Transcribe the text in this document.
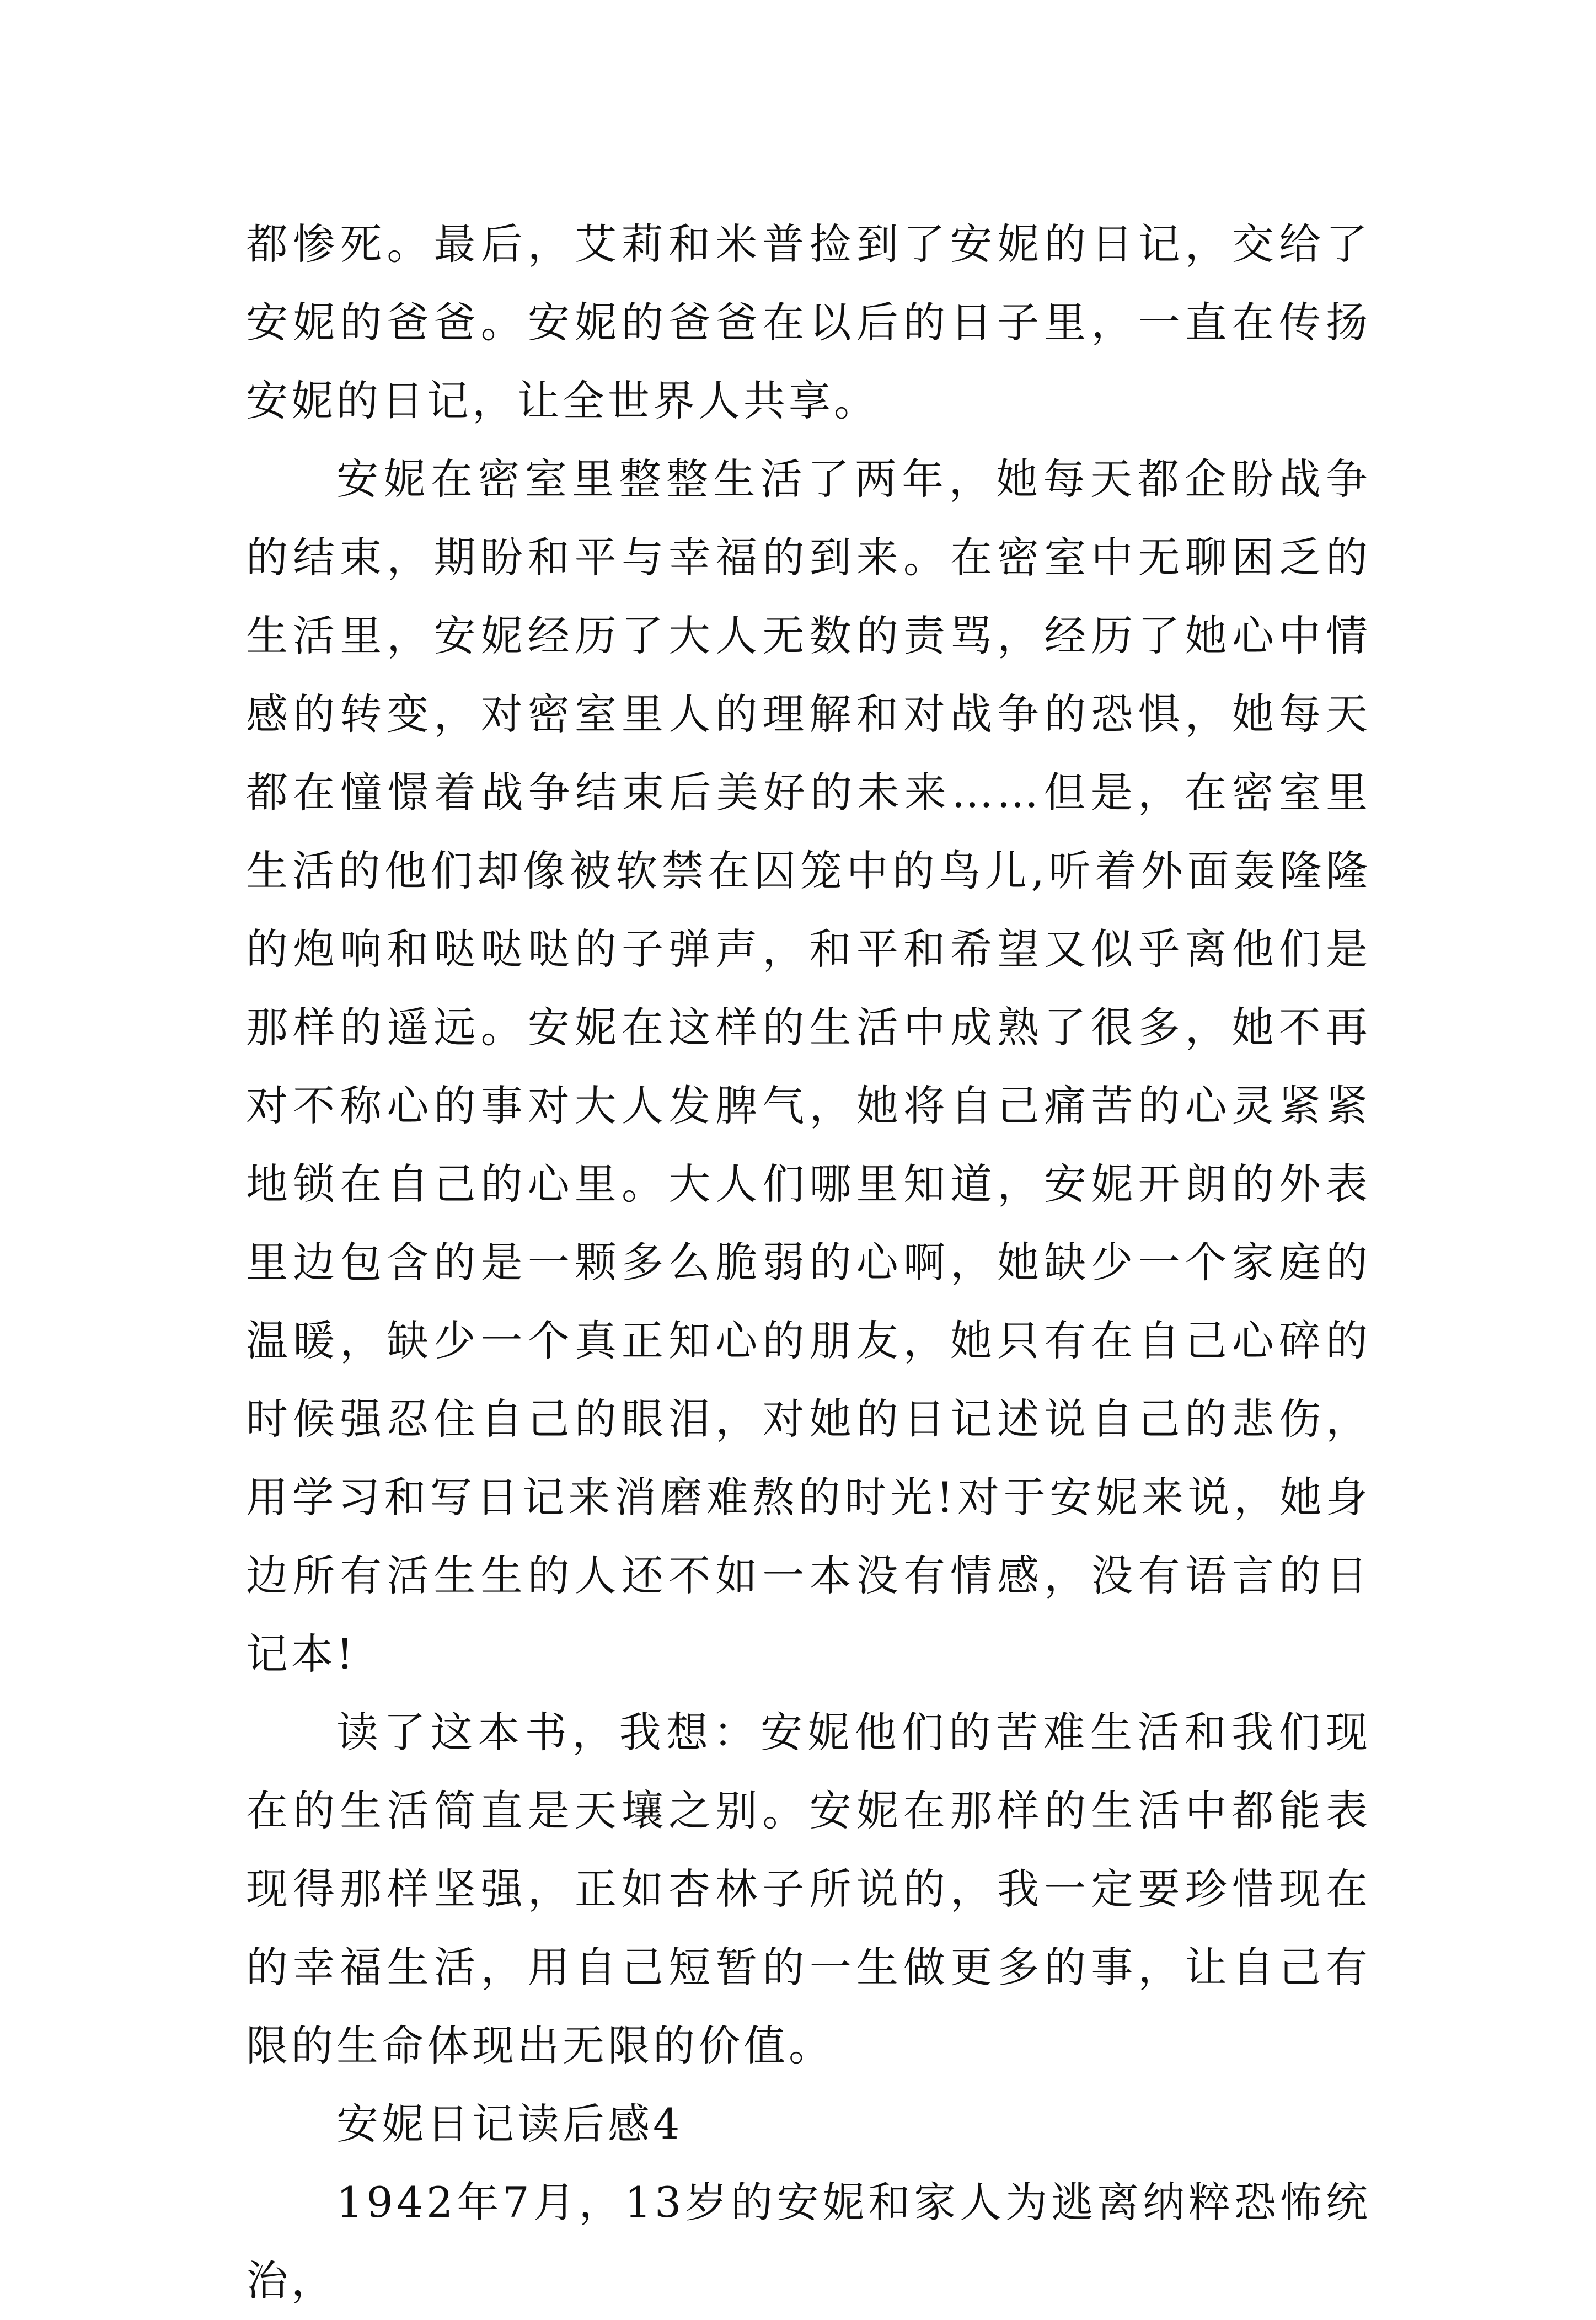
都惨死。最后，艾莉和米普捡到了安妮的日记，交给了安妮的爸爸。安妮的爸爸在以后的日子里，一直在传扬安妮的日记，让全世界人共享。

安妮在密室里整整生活了两年，她每天都企盼战争的结束，期盼和平与幸福的到来。在密室中无聊困乏的生活里，安妮经历了大人无数的责骂，经历了她心中情感的转变，对密室里人的理解和对战争的恐惧，她每天都在憧憬着战争结束后美好的未来……但是，在密室里生活的他们却像被软禁在囚笼中的鸟儿,听着外面轰隆隆的炮响和哒哒哒的子弹声，和平和希望又似乎离他们是那样的遥远。安妮在这样的生活中成熟了很多，她不再对不称心的事对大人发脾气，她将自己痛苦的心灵紧紧地锁在自己的心里。大人们哪里知道，安妮开朗的外表里边包含的是一颗多么脆弱的心啊，她缺少一个家庭的温暖，缺少一个真正知心的朋友，她只有在自己心碎的时候强忍住自己的眼泪，对她的日记述说自己的悲伤，用学习和写日记来消磨难熬的时光!对于安妮来说，她身边所有活生生的人还不如一本没有情感，没有语言的日记本!

读了这本书，我想：安妮他们的苦难生活和我们现在的生活简直是天壤之别。安妮在那样的生活中都能表现得那样坚强，正如杏林子所说的，我一定要珍惜现在的幸福生活，用自己短暂的一生做更多的事，让自己有限的生命体现出无限的价值。

安妮日记读后感4

1942年7月，13岁的安妮和家人为逃离纳粹恐怖统治，
